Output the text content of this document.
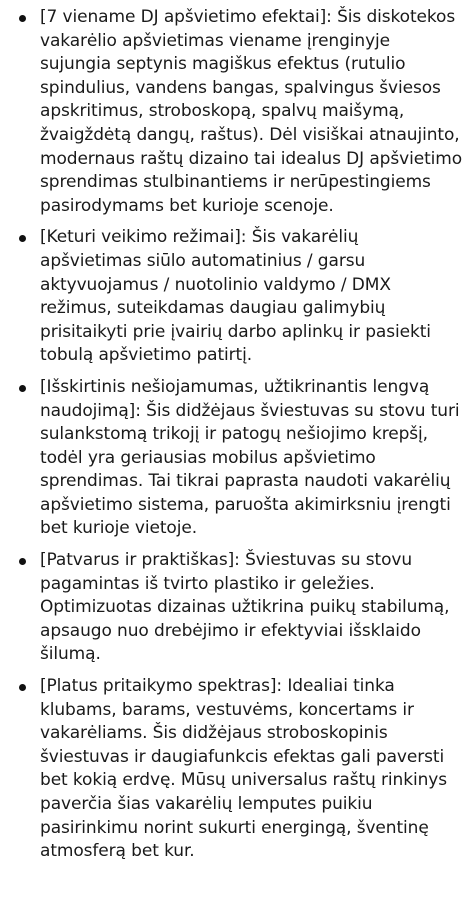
[7 viename DJ apšvietimo efektai]: Šis diskotekos vakarėlio apšvietimas viename įrenginyje sujungia septynis magiškus efektus (rutulio spindulius, vandens bangas, spalvingus šviesos apskritimus, stroboskopą, spalvų maišymą, žvaigždėtą dangų, raštus). Dėl visiškai atnaujinto, modernaus raštų dizaino tai idealus DJ apšvietimo sprendimas stulbinantiems ir nerūpestingiems pasirodymams bet kurioje scenoje.
[Keturi veikimo režimai]: Šis vakarėlių apšvietimas siūlo automatinius / garsu aktyvuojamus / nuotolinio valdymo / DMX režimus, suteikdamas daugiau galimybių prisitaikyti prie įvairių darbo aplinkų ir pasiekti tobulą apšvietimo patirtį.
[Išskirtinis nešiojamumas, užtikrinantis lengvą naudojimą]: Šis didžėjaus šviestuvas su stovu turi sulankstomą trikojį ir patogų nešiojimo krepšį, todėl yra geriausias mobilus apšvietimo sprendimas. Tai tikrai paprasta naudoti vakarėlių apšvietimo sistema, paruošta akimirksniu įrengti bet kurioje vietoje.
[Patvarus ir praktiškas]: Šviestuvas su stovu pagamintas iš tvirto plastiko ir geležies. Optimizuotas dizainas užtikrina puikų stabilumą, apsaugo nuo drebėjimo ir efektyviai išsklaido šilumą.
[Platus pritaikymo spektras]: Idealiai tinka klubams, barams, vestuvėms, koncertams ir vakarėliams. Šis didžėjaus stroboskopinis šviestuvas ir daugiafunkcis efektas gali paversti bet kokią erdvę. Mūsų universalus raštų rinkinys paverčia šias vakarėlių lemputes puikiu pasirinkimu norint sukurti energingą, šventinę atmosferą bet kur.
